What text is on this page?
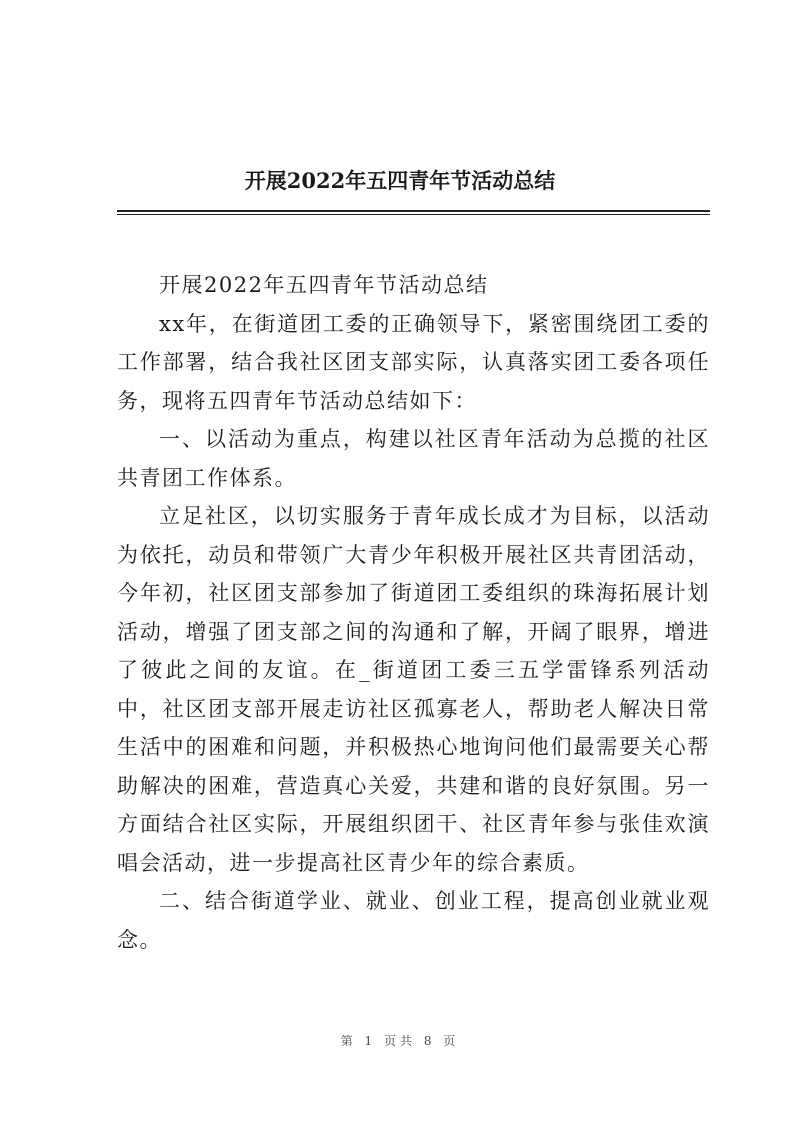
开展2022年五四青年节活动总结

开展2022年五四青年节活动总结

xx年，在街道团工委的正确领导下，紧密围绕团工委的工作部署，结合我社区团支部实际，认真落实团工委各项任务，现将五四青年节活动总结如下：

一、以活动为重点，构建以社区青年活动为总揽的社区共青团工作体系。

立足社区，以切实服务于青年成长成才为目标，以活动为依托，动员和带领广大青少年积极开展社区共青团活动，今年初，社区团支部参加了街道团工委组织的珠海拓展计划活动，增强了团支部之间的沟通和了解，开阔了眼界，增进了彼此之间的友谊。在_街道团工委三五学雷锋系列活动中，社区团支部开展走访社区孤寡老人，帮助老人解决日常生活中的困难和问题，并积极热心地询问他们最需要关心帮助解决的困难，营造真心关爱，共建和谐的良好氛围。另一方面结合社区实际，开展组织团干、社区青年参与张佳欢演唱会活动，进一步提高社区青少年的综合素质。

二、结合街道学业、就业、创业工程，提高创业就业观念。

第 1 页共 8 页
